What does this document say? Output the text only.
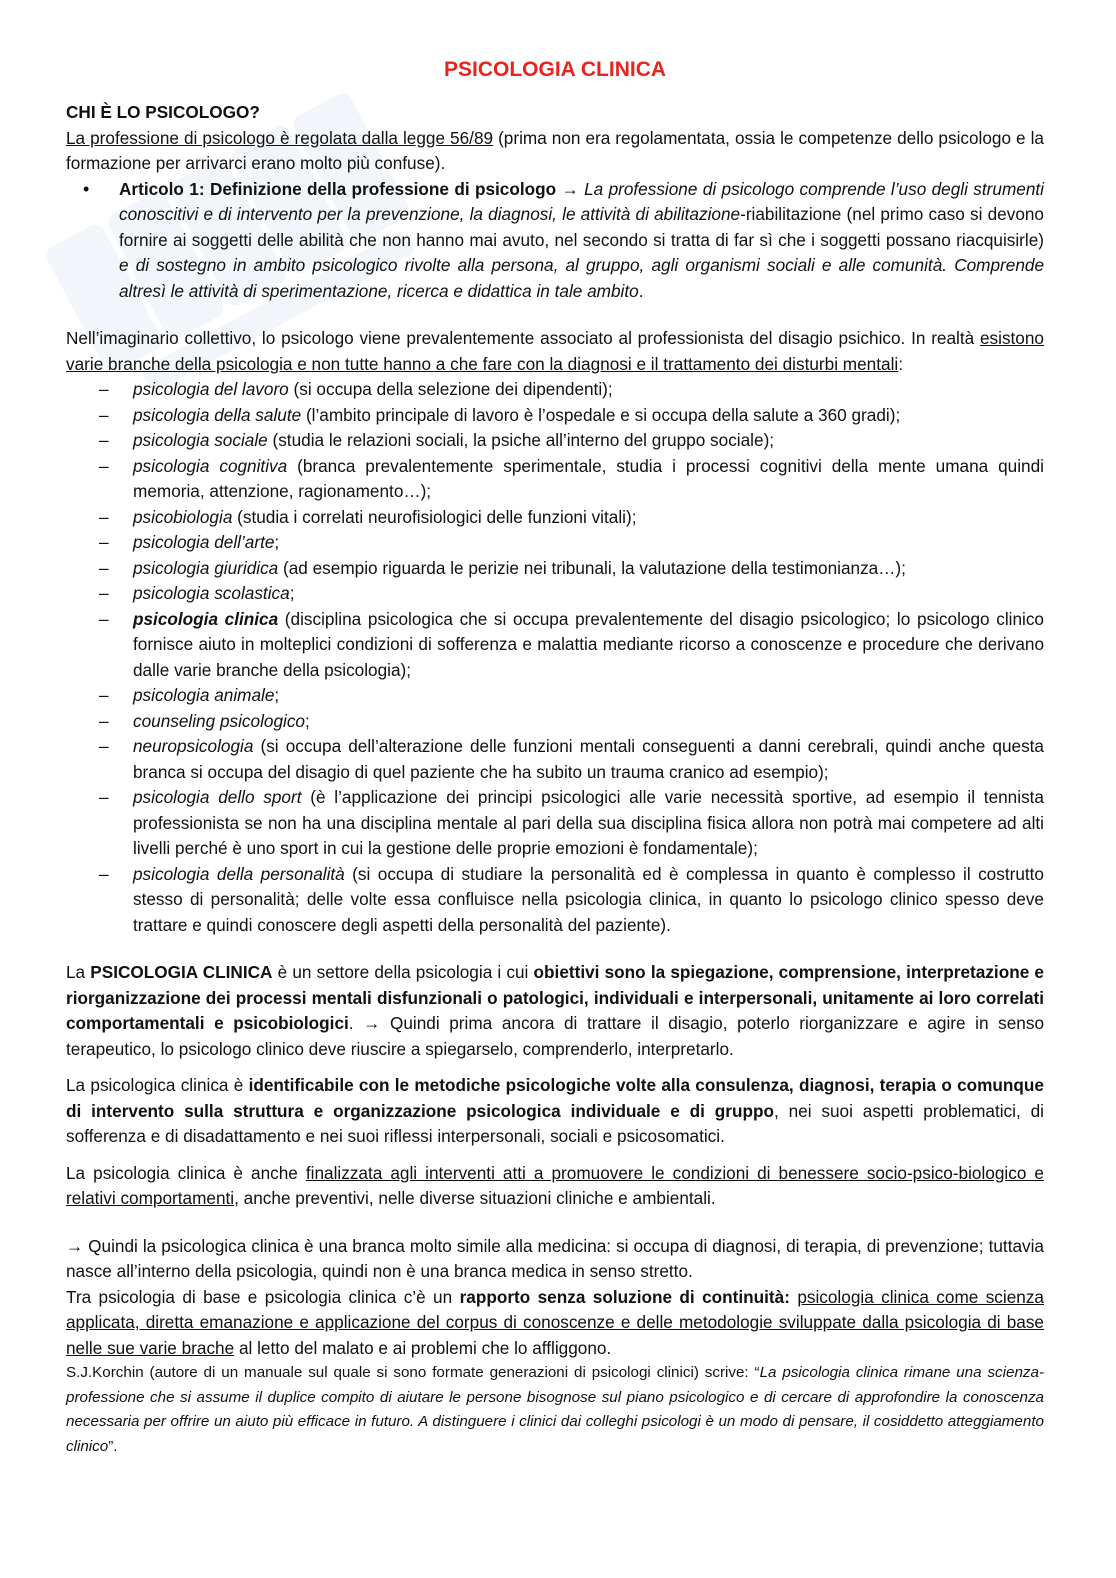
PSICOLOGIA CLINICA

CHI È LO PSICOLOGO?

La professione di psicologo è regolata dalla legge 56/89 (prima non era regolamentata, ossia le competenze dello psicologo e la formazione per arrivarci erano molto più confuse).

• Articolo 1: Definizione della professione di psicologo → La professione di psicologo comprende l’uso degli strumenti conoscitivi e di intervento per la prevenzione, la diagnosi, le attività di abilitazione-riabilitazione (nel primo caso si devono fornire ai soggetti delle abilità che non hanno mai avuto, nel secondo si tratta di far sì che i soggetti possano riacquisirle) e di sostegno in ambito psicologico rivolte alla persona, al gruppo, agli organismi sociali e alle comunità. Comprende altresì le attività di sperimentazione, ricerca e didattica in tale ambito.

Nell’imaginario collettivo, lo psicologo viene prevalentemente associato al professionista del disagio psichico. In realtà esistono varie branche della psicologia e non tutte hanno a che fare con la diagnosi e il trattamento dei disturbi mentali:

– psicologia del lavoro (si occupa della selezione dei dipendenti);
– psicologia della salute (l’ambito principale di lavoro è l’ospedale e si occupa della salute a 360 gradi);
– psicologia sociale (studia le relazioni sociali, la psiche all’interno del gruppo sociale);
– psicologia cognitiva (branca prevalentemente sperimentale, studia i processi cognitivi della mente umana quindi memoria, attenzione, ragionamento…);
– psicobiologia (studia i correlati neurofisiologici delle funzioni vitali);
– psicologia dell’arte;
– psicologia giuridica (ad esempio riguarda le perizie nei tribunali, la valutazione della testimonianza…);
– psicologia scolastica;
– psicologia clinica (disciplina psicologica che si occupa prevalentemente del disagio psicologico; lo psicologo clinico fornisce aiuto in molteplici condizioni di sofferenza e malattia mediante ricorso a conoscenze e procedure che derivano dalle varie branche della psicologia);
– psicologia animale;
– counseling psicologico;
– neuropsicologia (si occupa dell’alterazione delle funzioni mentali conseguenti a danni cerebrali, quindi anche questa branca si occupa del disagio di quel paziente che ha subito un trauma cranico ad esempio);
– psicologia dello sport (è l’applicazione dei principi psicologici alle varie necessità sportive, ad esempio il tennista professionista se non ha una disciplina mentale al pari della sua disciplina fisica allora non potrà mai competere ad alti livelli perché è uno sport in cui la gestione delle proprie emozioni è fondamentale);
– psicologia della personalità (si occupa di studiare la personalità ed è complessa in quanto è complesso il costrutto stesso di personalità; delle volte essa confluisce nella psicologia clinica, in quanto lo psicologo clinico spesso deve trattare e quindi conoscere degli aspetti della personalità del paziente).

La PSICOLOGIA CLINICA è un settore della psicologia i cui obiettivi sono la spiegazione, comprensione, interpretazione e riorganizzazione dei processi mentali disfunzionali o patologici, individuali e interpersonali, unitamente ai loro correlati comportamentali e psicobiologici. → Quindi prima ancora di trattare il disagio, poterlo riorganizzare e agire in senso terapeutico, lo psicologo clinico deve riuscire a spiegarselo, comprenderlo, interpretarlo.

La psicologica clinica è identificabile con le metodiche psicologiche volte alla consulenza, diagnosi, terapia o comunque di intervento sulla struttura e organizzazione psicologica individuale e di gruppo, nei suoi aspetti problematici, di sofferenza e di disadattamento e nei suoi riflessi interpersonali, sociali e psicosomatici.

La psicologia clinica è anche finalizzata agli interventi atti a promuovere le condizioni di benessere socio-psico-biologico e relativi comportamenti, anche preventivi, nelle diverse situazioni cliniche e ambientali.

→ Quindi la psicologica clinica è una branca molto simile alla medicina: si occupa di diagnosi, di terapia, di prevenzione; tuttavia nasce all’interno della psicologia, quindi non è una branca medica in senso stretto.

Tra psicologia di base e psicologia clinica c’è un rapporto senza soluzione di continuità: psicologia clinica come scienza applicata, diretta emanazione e applicazione del corpus di conoscenze e delle metodologie sviluppate dalla psicologia di base nelle sue varie brache al letto del malato e ai problemi che lo affliggono.

S.J.Korchin (autore di un manuale sul quale si sono formate generazioni di psicologi clinici) scrive: “La psicologia clinica rimane una scienza-professione che si assume il duplice compito di aiutare le persone bisognose sul piano psicologico e di cercare di approfondire la conoscenza necessaria per offrire un aiuto più efficace in futuro. A distinguere i clinici dai colleghi psicologi è un modo di pensare, il cosiddetto atteggiamento clinico”.
